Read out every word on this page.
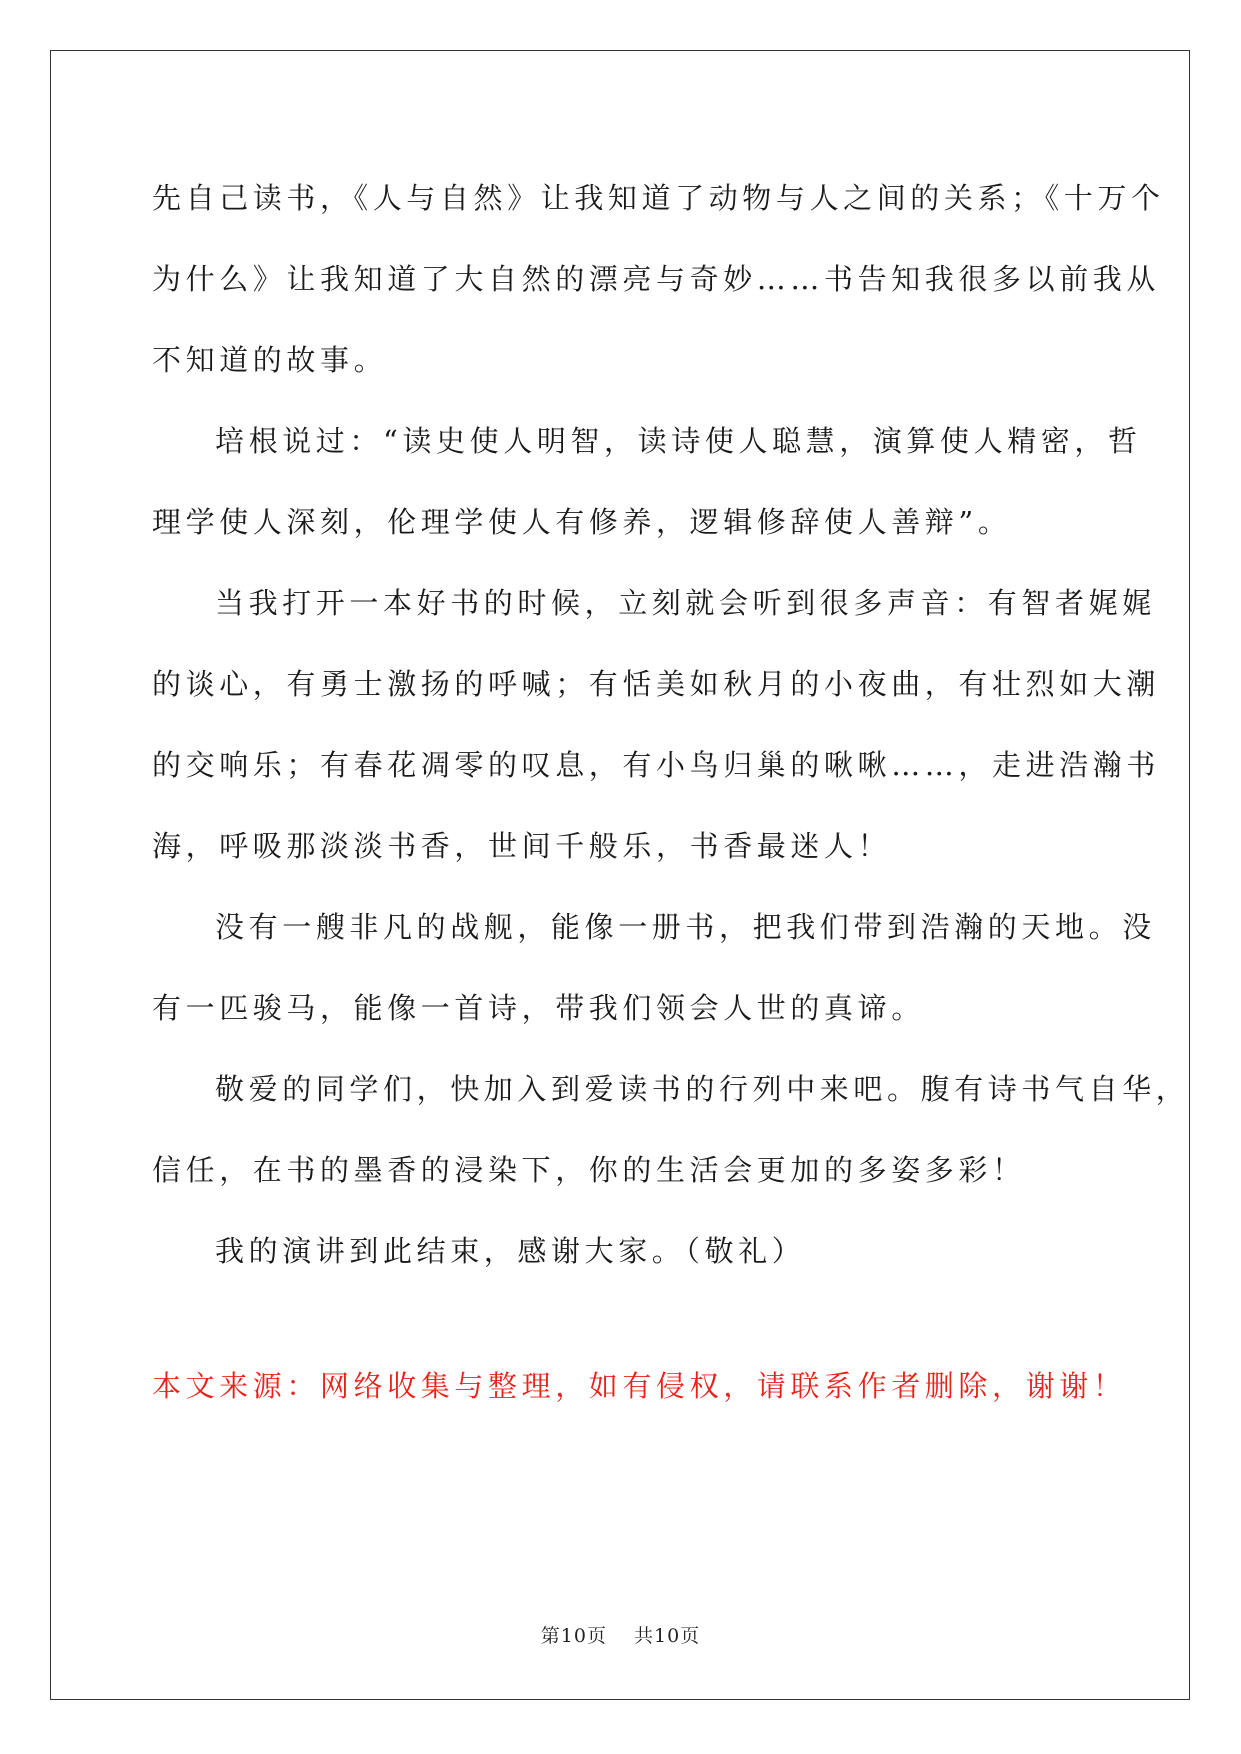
先自己读书，《人与自然》让我知道了动物与人之间的关系；《十万个
为什么》让我知道了大自然的漂亮与奇妙……书告知我很多以前我从
不知道的故事。

培根说过：“读史使人明智，读诗使人聪慧，演算使人精密，哲
理学使人深刻，伦理学使人有修养，逻辑修辞使人善辩”。

当我打开一本好书的时候，立刻就会听到很多声音：有智者娓娓
的谈心，有勇士激扬的呼喊；有恬美如秋月的小夜曲，有壮烈如大潮
的交响乐；有春花凋零的叹息，有小鸟归巢的啾啾……，走进浩瀚书
海，呼吸那淡淡书香，世间千般乐，书香最迷人！

没有一艘非凡的战舰，能像一册书，把我们带到浩瀚的天地。没
有一匹骏马，能像一首诗，带我们领会人世的真谛。

敬爱的同学们，快加入到爱读书的行列中来吧。腹有诗书气自华，
信任，在书的墨香的浸染下，你的生活会更加的多姿多彩！

我的演讲到此结束，感谢大家。（敬礼）

本文来源：网络收集与整理，如有侵权，请联系作者删除，谢谢！

第10页 共10页
